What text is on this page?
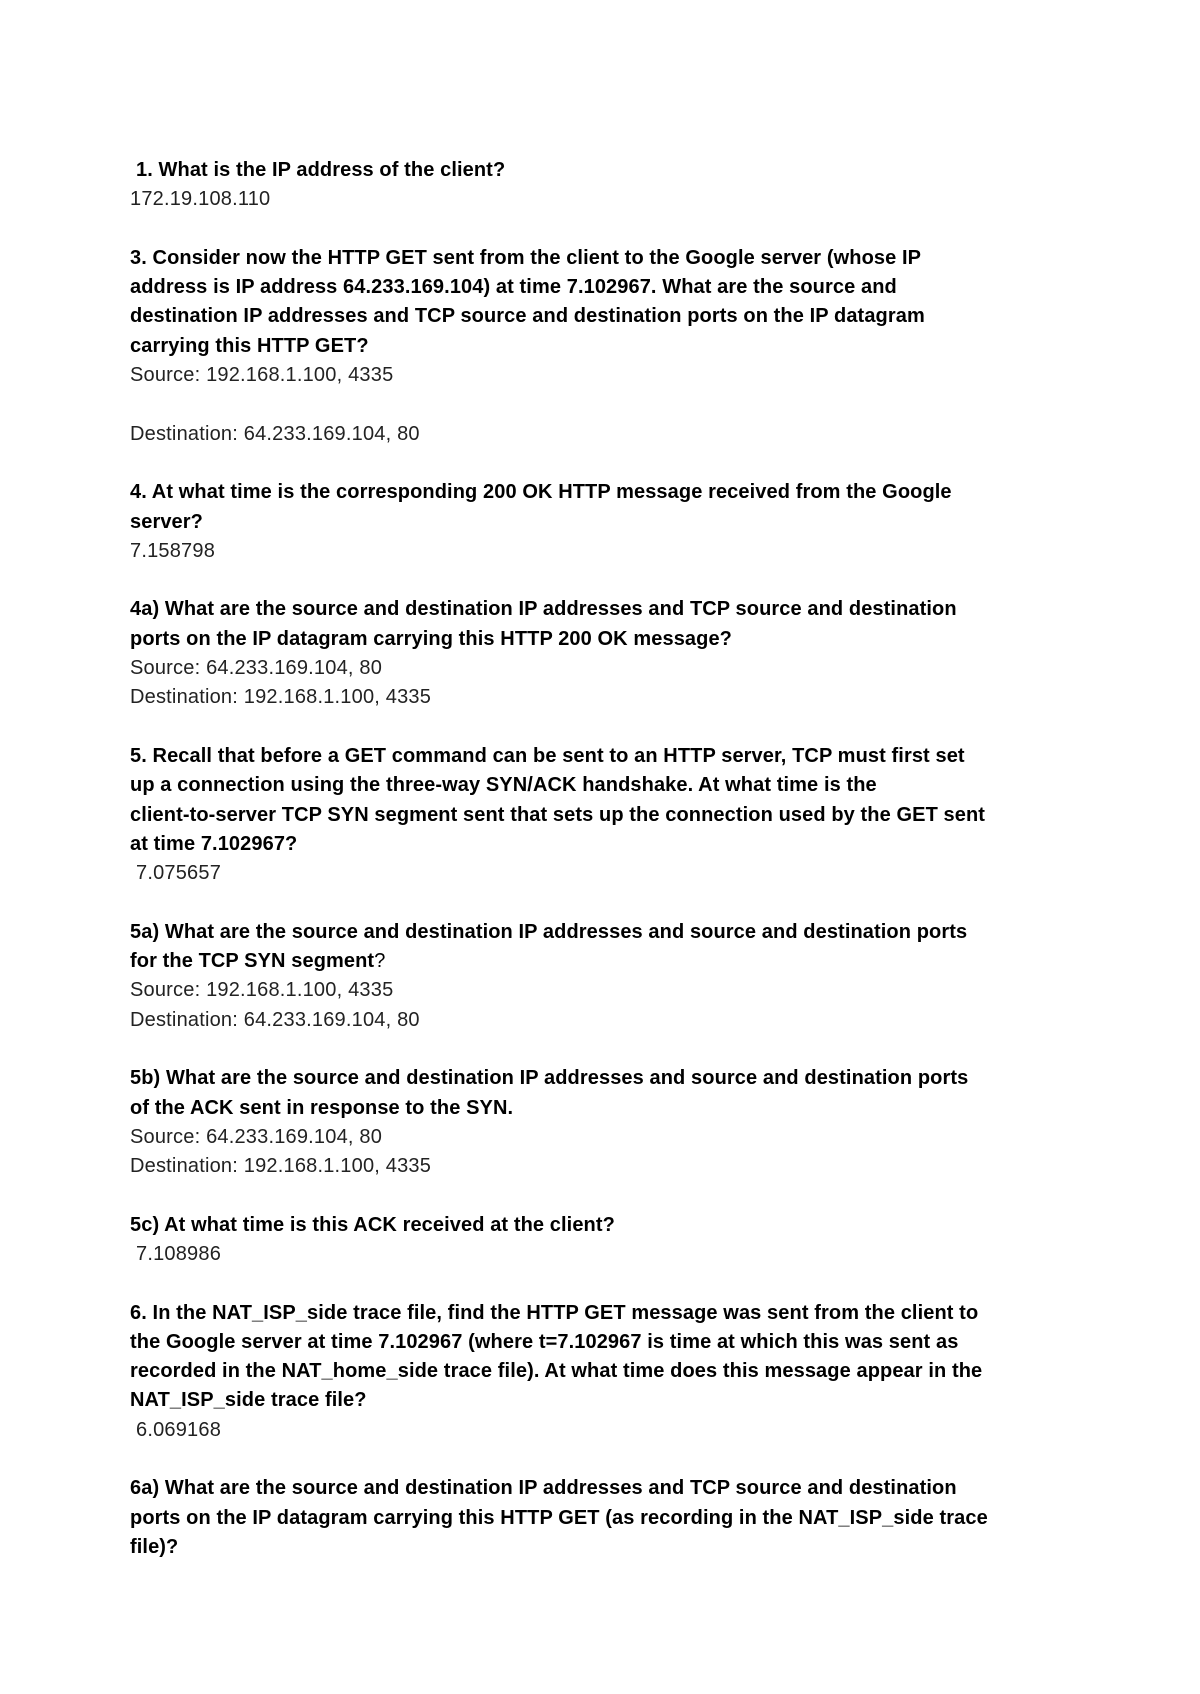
1. What is the IP address of the client?

172.19.108.110

3. Consider now the HTTP GET sent from the client to the Google server (whose IP

address is IP address 64.233.169.104) at time 7.102967. What are the source and

destination IP addresses and TCP source and destination ports on the IP datagram

carrying this HTTP GET?

Source: 192.168.1.100, 4335

Destination: 64.233.169.104, 80

4. At what time is the corresponding 200 OK HTTP message received from the Google

server?

7.158798

4a) What are the source and destination IP addresses and TCP source and destination

ports on the IP datagram carrying this HTTP 200 OK message?

Source: 64.233.169.104, 80

Destination: 192.168.1.100, 4335

5. Recall that before a GET command can be sent to an HTTP server, TCP must first set

up a connection using the three-way SYN/ACK handshake. At what time is the

client-to-server TCP SYN segment sent that sets up the connection used by the GET sent

at time 7.102967?

7.075657

5a) What are the source and destination IP addresses and source and destination ports

for the TCP SYN segment?

Source: 192.168.1.100, 4335

Destination: 64.233.169.104, 80

5b) What are the source and destination IP addresses and source and destination ports

of the ACK sent in response to the SYN.

Source: 64.233.169.104, 80

Destination: 192.168.1.100, 4335

5c) At what time is this ACK received at the client?

7.108986

6. In the NAT_ISP_side trace file, find the HTTP GET message was sent from the client to

the Google server at time 7.102967 (where t=7.102967 is time at which this was sent as

recorded in the NAT_home_side trace file). At what time does this message appear in the

NAT_ISP_side trace file?

6.069168

6a) What are the source and destination IP addresses and TCP source and destination

ports on the IP datagram carrying this HTTP GET (as recording in the NAT_ISP_side trace

file)?
